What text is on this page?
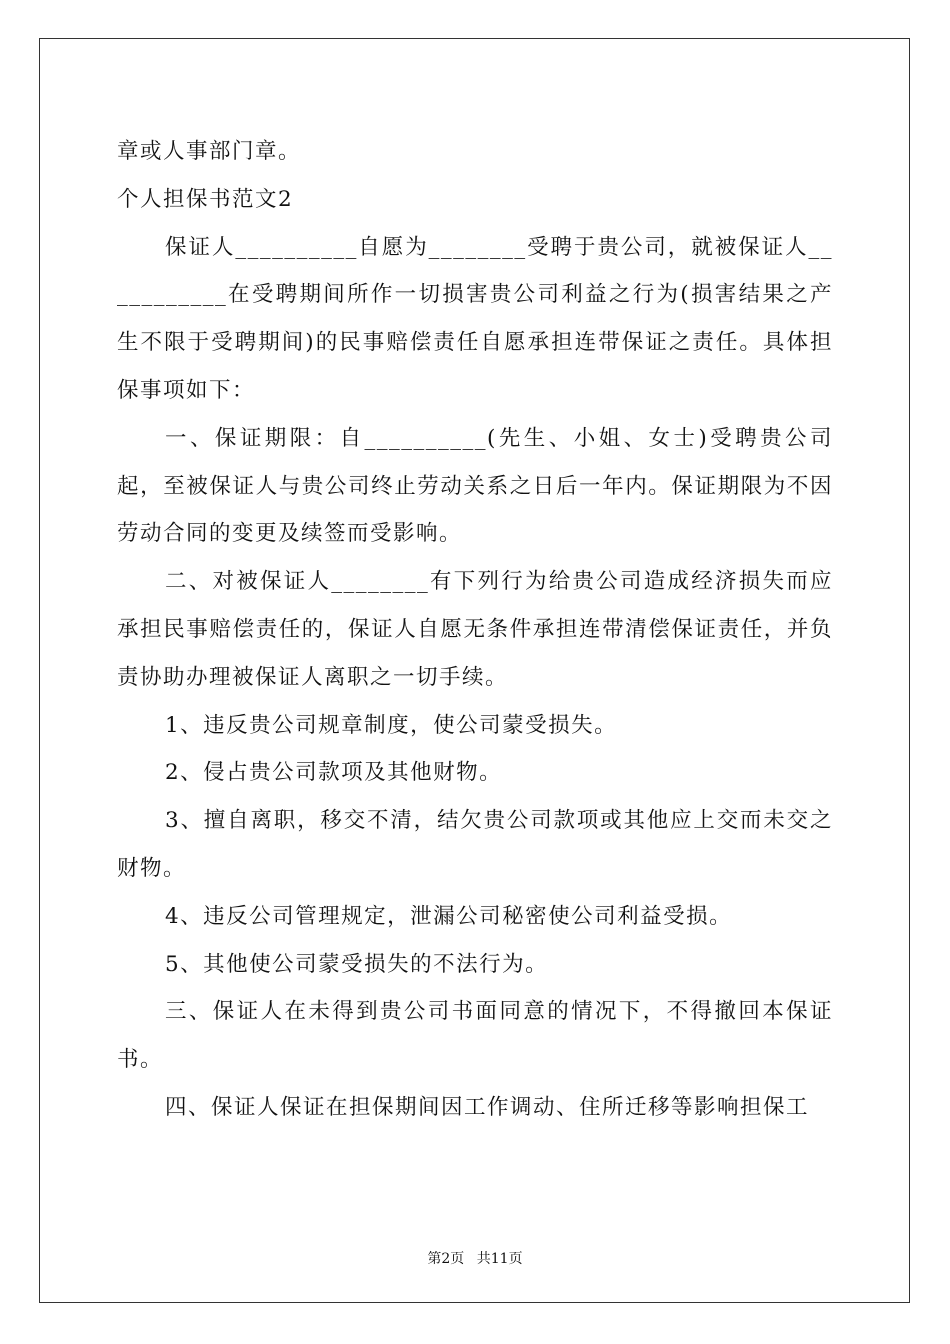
章或人事部门章。

个人担保书范文2

保证人__________自愿为________受聘于贵公司，就被保证人___________在受聘期间所作一切损害贵公司利益之行为(损害结果之产生不限于受聘期间)的民事赔偿责任自愿承担连带保证之责任。具体担保事项如下：

一、保证期限：自__________(先生、小姐、女士)受聘贵公司起，至被保证人与贵公司终止劳动关系之日后一年内。保证期限为不因劳动合同的变更及续签而受影响。

二、对被保证人________有下列行为给贵公司造成经济损失而应承担民事赔偿责任的，保证人自愿无条件承担连带清偿保证责任，并负责协助办理被保证人离职之一切手续。

1、违反贵公司规章制度，使公司蒙受损失。

2、侵占贵公司款项及其他财物。

3、擅自离职，移交不清，结欠贵公司款项或其他应上交而未交之财物。

4、违反公司管理规定，泄漏公司秘密使公司利益受损。

5、其他使公司蒙受损失的不法行为。

三、保证人在未得到贵公司书面同意的情况下，不得撤回本保证书。

四、保证人保证在担保期间因工作调动、住所迁移等影响担保工

第2页 共11页
